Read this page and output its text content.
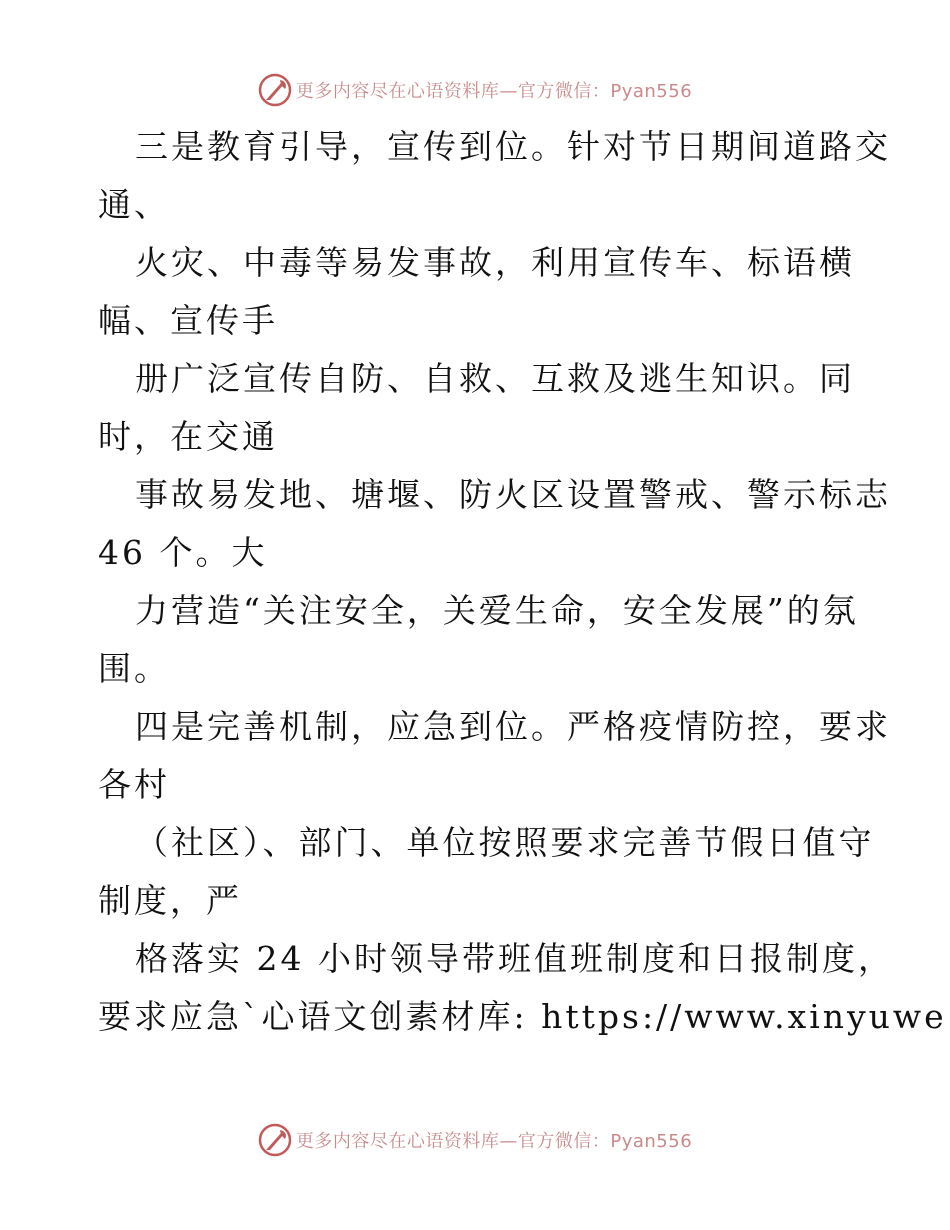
更多内容尽在心语资料库—官方微信：Pyan556
三是教育引导，宣传到位。针对节日期间道路交
通、
火灾、中毒等易发事故，利用宣传车、标语横
幅、宣传手
册广泛宣传自防、自救、互救及逃生知识。同
时，在交通
事故易发地、塘堰、防火区设置警戒、警示标志
46 个。大
力营造“关注安全，关爱生命，安全发展”的氛
围。
四是完善机制，应急到位。严格疫情防控，要求
各村
（社区）、部门、单位按照要求完善节假日值守
制度，严
格落实 24 小时领导带班值班制度和日报制度，
要求应急`心语文创素材库: https://www.xinyuwe
更多内容尽在心语资料库—官方微信：Pyan556
